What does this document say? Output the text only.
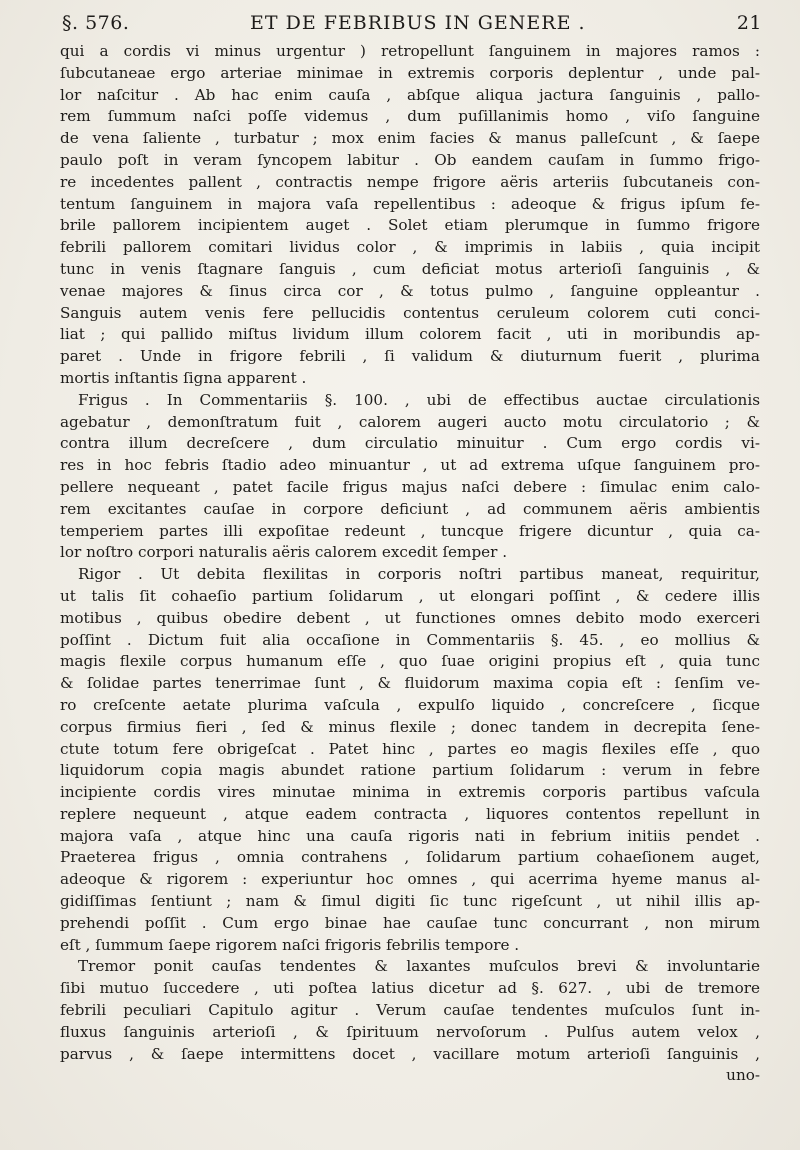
§. 576.	ET DE FEBRIBUS IN GENERE .	21
qui a cordis vi minus urgentur ) retropellunt ſanguinem in majores ramos :
ſubcutaneae ergo arteriae minimae in extremis corporis deplentur , unde pal-
lor naſcitur . Ab hac enim cauſa , abſque aliqua jactura ſanguinis , pallo-
rem ſummum naſci poſſe videmus , dum puſillanimis homo , viſo ſanguine
de vena ſaliente , turbatur ; mox enim facies & manus palleſcunt , & ſaepe
paulo poſt in veram ſyncopem labitur . Ob eandem cauſam in ſummo frigo-
re incedentes pallent , contractis nempe frigore aëris arteriis ſubcutaneis con-
tentum ſanguinem in majora vaſa repellentibus : adeoque & frigus ipſum fe-
brile pallorem incipientem auget . Solet etiam plerumque in ſummo frigore
febrili pallorem comitari lividus color , & imprimis in labiis , quia incipit
tunc in venis ſtagnare ſanguis , cum deficiat motus arterioſi ſanguinis , &
venae majores & ſinus circa cor , & totus pulmo , ſanguine oppleantur .
Sanguis autem venis fere pellucidis contentus ceruleum colorem cuti conci-
liat ; qui pallido miſtus lividum illum colorem facit , uti in moribundis ap-
paret . Unde in frigore febrili , ſi validum & diuturnum fuerit , plurima
mortis inſtantis ſigna apparent .
Frigus . In Commentariis §. 100. , ubi de effectibus auctae circulationis
agebatur , demonſtratum fuit , calorem augeri aucto motu circulatorio ; &
contra illum decreſcere , dum circulatio minuitur . Cum ergo cordis vi-
res in hoc febris ſtadio adeo minuantur , ut ad extrema uſque ſanguinem pro-
pellere nequeant , patet facile frigus majus naſci debere : ſimulac enim calo-
rem excitantes cauſae in corpore deficiunt , ad communem aëris ambientis
temperiem partes illi expoſitae redeunt , tuncque frigere dicuntur , quia ca-
lor noſtro corpori naturalis aëris calorem excedit ſemper .
Rigor . Ut debita flexilitas in corporis noſtri partibus maneat, requiritur,
ut talis ſit cohaeſio partium ſolidarum , ut elongari poſſint , & cedere illis
motibus , quibus obedire debent , ut functiones omnes debito modo exerceri
poſſint . Dictum fuit alia occaſione in Commentariis §. 45. , eo mollius &
magis flexile corpus humanum eſſe , quo ſuae origini propius eſt , quia tunc
& ſolidae partes tenerrimae ſunt , & fluidorum maxima copia eſt : ſenſim ve-
ro creſcente aetate plurima vaſcula , expulſo liquido , concreſcere , ſicque
corpus firmius fieri , ſed & minus flexile ; donec tandem in decrepita ſene-
ctute totum fere obrigeſcat . Patet hinc , partes eo magis flexiles eſſe , quo
liquidorum copia magis abundet ratione partium ſolidarum : verum in febre
incipiente cordis vires minutae minima in extremis corporis partibus vaſcula
replere nequeunt , atque eadem contracta , liquores contentos repellunt in
majora vaſa , atque hinc una cauſa rigoris nati in febrium initiis pendet .
Praeterea frigus , omnia contrahens , ſolidarum partium cohaeſionem auget,
adeoque & rigorem : experiuntur hoc omnes , qui acerrima hyeme manus al-
gidiſſimas ſentiunt ; nam & ſimul digiti ſic tunc rigeſcunt , ut nihil illis ap-
prehendi poſſit . Cum ergo binae hae cauſae tunc concurrant , non mirum
eſt , ſummum ſaepe rigorem naſci frigoris febrilis tempore .
Tremor ponit cauſas tendentes & laxantes muſculos brevi & involuntarie
ſibi mutuo ſuccedere , uti poſtea latius dicetur ad §. 627. , ubi de tremore
febrili peculiari Capitulo agitur . Verum cauſae tendentes muſculos ſunt in-
fluxus ſanguinis arterioſi , & ſpirituum nervoſorum . Pulſus autem velox ,
parvus , & ſaepe intermittens docet , vacillare motum arterioſi ſanguinis ,
uno-
